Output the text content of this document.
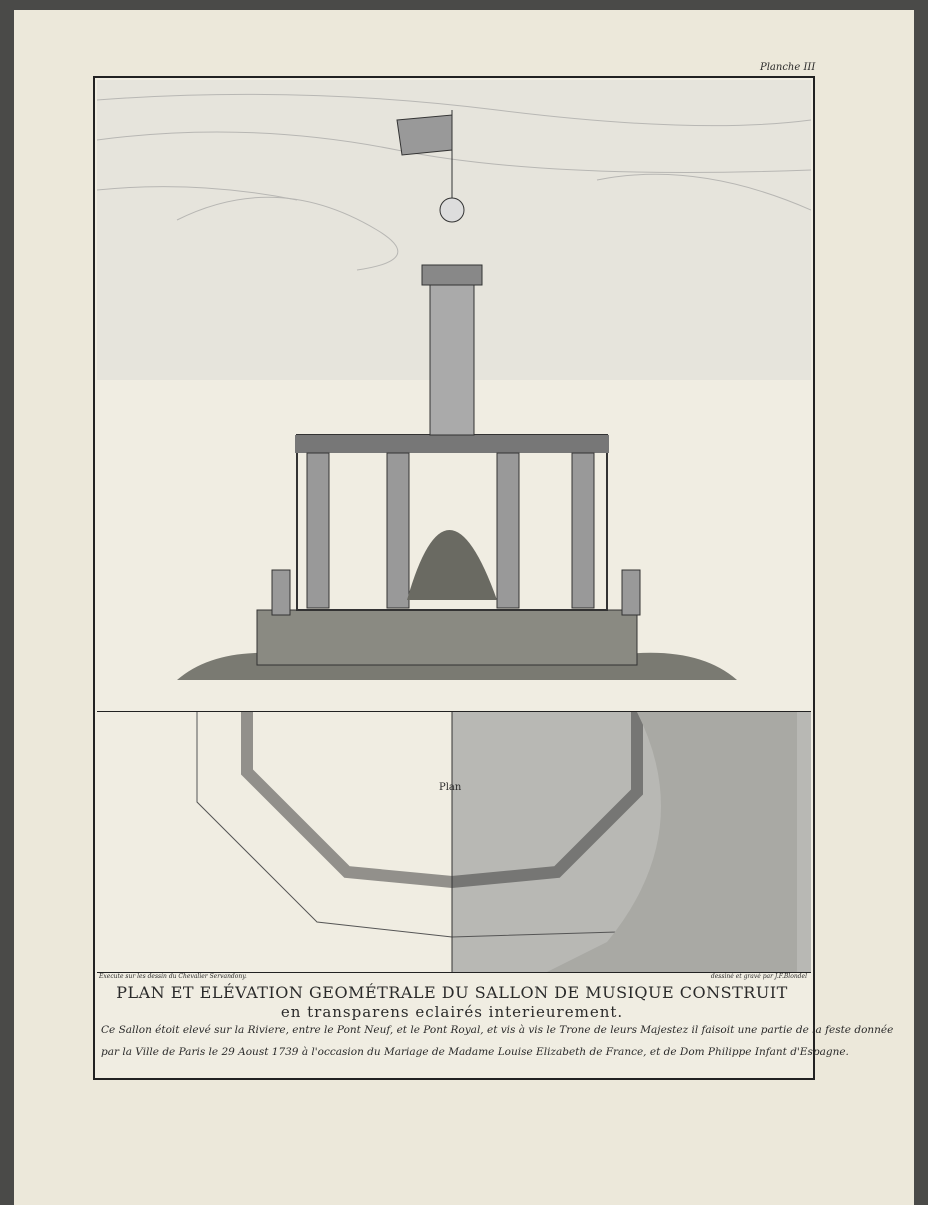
Planche III
Plan
Execute sur les dessin du Chevalier Servandony.	dessiné et gravé par J.F.Blondel
PLAN ET ELÉVATION GEOMÉTRALE DU SALLON DE MUSIQUE CONSTRUIT
en transparens eclairés interieurement.
Ce Sallon étoit elevé sur la Riviere, entre le Pont Neuf, et le Pont Royal, et vis à vis le Trone de leurs Majestez il faisoit une partie de la feste donnée
par la Ville de Paris le 29 Aoust 1739 à l'occasion du Mariage de Madame Louise Elizabeth de France, et de Dom Philippe Infant d'Espagne.
